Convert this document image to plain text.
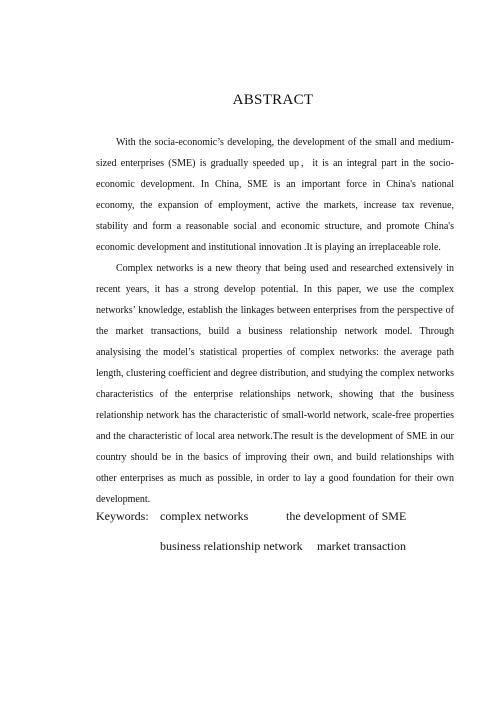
ABSTRACT

With the socia-economic’s developing, the development of the small and medium-sized enterprises (SME) is gradually speeded up，it is an integral part in the socio-economic development. In China, SME is an important force in China's national economy, the expansion of employment, active the markets, increase tax revenue, stability and form a reasonable social and economic structure, and promote China's economic development and institutional innovation .It is playing an irreplaceable role.

Complex networks is a new theory that being used and researched extensively in recent years, it has a strong develop potential. In this paper, we use the complex networks’ knowledge, establish the linkages between enterprises from the perspective of the market transactions, build a business relationship network model. Through analysising the model’s statistical properties of complex networks: the average path length, clustering coefficient and degree distribution, and studying the complex networks characteristics of the enterprise relationships network, showing that the business relationship network has the characteristic of small-world network, scale-free properties and the characteristic of local area network.The result is the development of SME in our country should be in the basics of improving their own, and build relationships with other enterprises as much as possible, in order to lay a good foundation for their own development.

Keywords: complex networks	the development of SME
business relationship network market transaction
